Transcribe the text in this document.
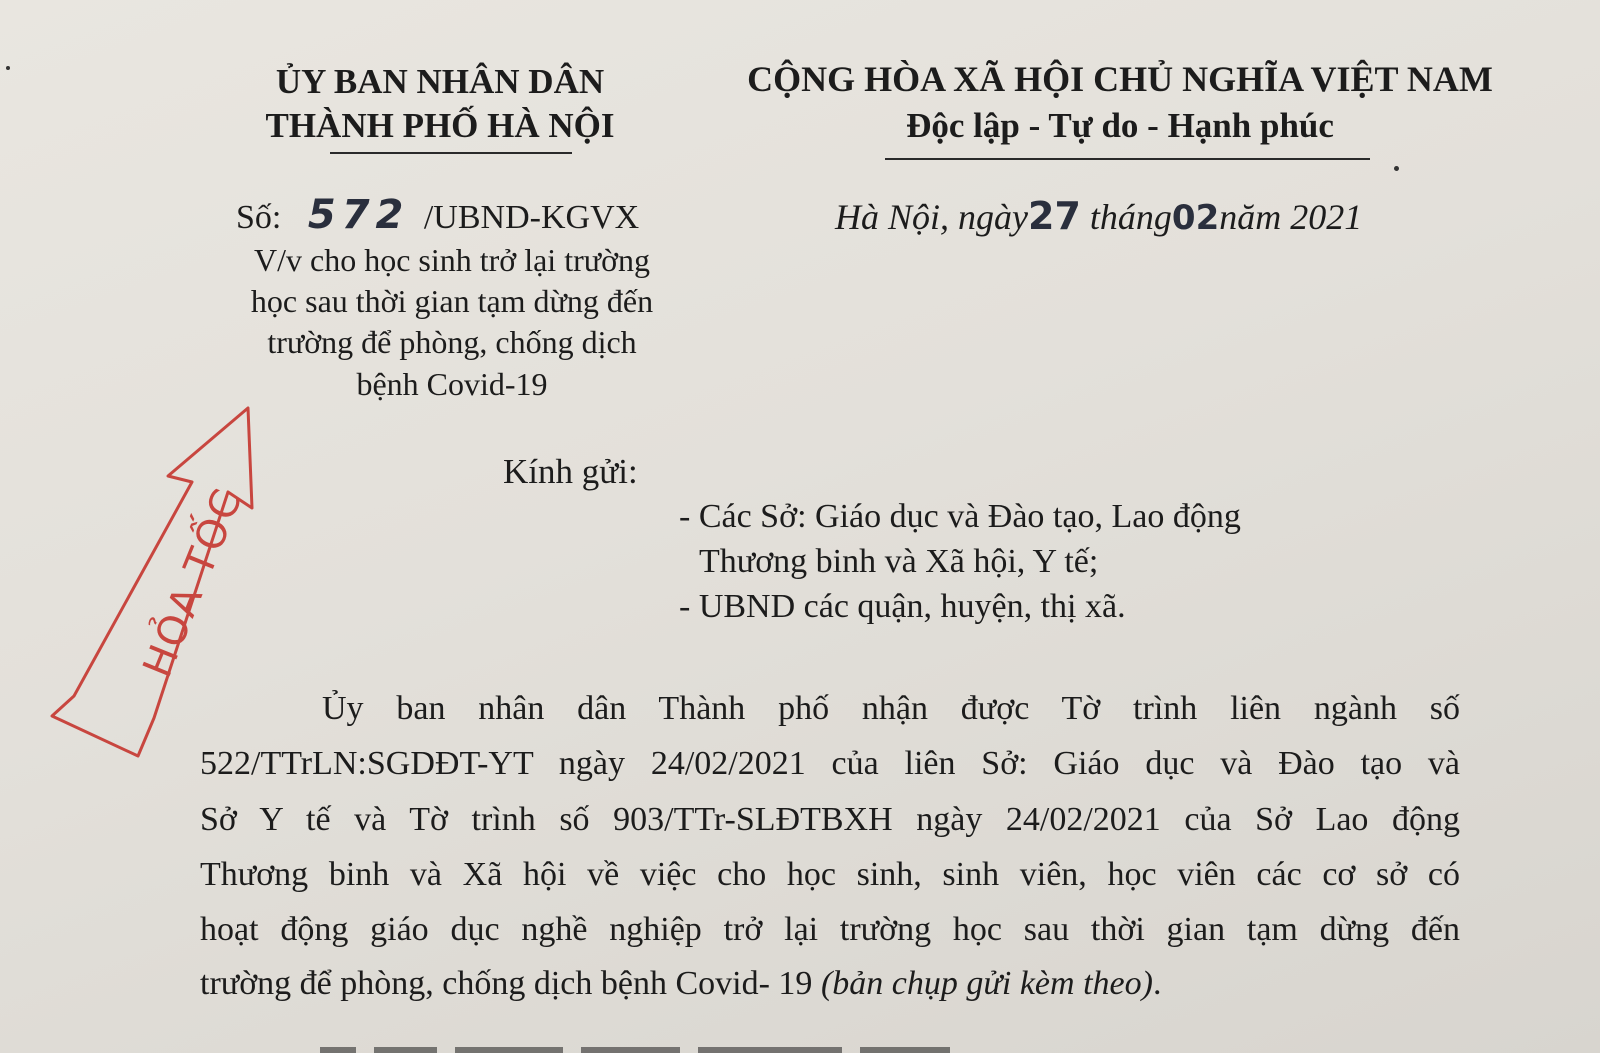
ỦY BAN NHÂN DÂN
THÀNH PHỐ HÀ NỘI
CỘNG HÒA XÃ HỘI CHỦ NGHĨA VIỆT NAM
Độc lập - Tự do - Hạnh phúc
Số: 572 /UBND-KGVX
V/v cho học sinh trở lại trường
học sau thời gian tạm dừng đến
trường để phòng, chống dịch
bệnh Covid-19
Hà Nội, ngày27 tháng02năm 2021
HỎA TỐC
Kính gửi:
- Các Sở: Giáo dục và Đào tạo, Lao động
Thương binh và Xã hội, Y tế;
- UBND các quận, huyện, thị xã.
Ủy ban nhân dân Thành phố nhận được Tờ trình liên ngành số
522/TTrLN:SGDĐT-YT ngày 24/02/2021 của liên Sở: Giáo dục và Đào tạo và
Sở Y tế và Tờ trình số 903/TTr-SLĐTBXH ngày 24/02/2021 của Sở Lao động
Thương binh và Xã hội về việc cho học sinh, sinh viên, học viên các cơ sở có
hoạt động giáo dục nghề nghiệp trở lại trường học sau thời gian tạm dừng đến
trường để phòng, chống dịch bệnh Covid- 19 (bản chụp gửi kèm theo).
